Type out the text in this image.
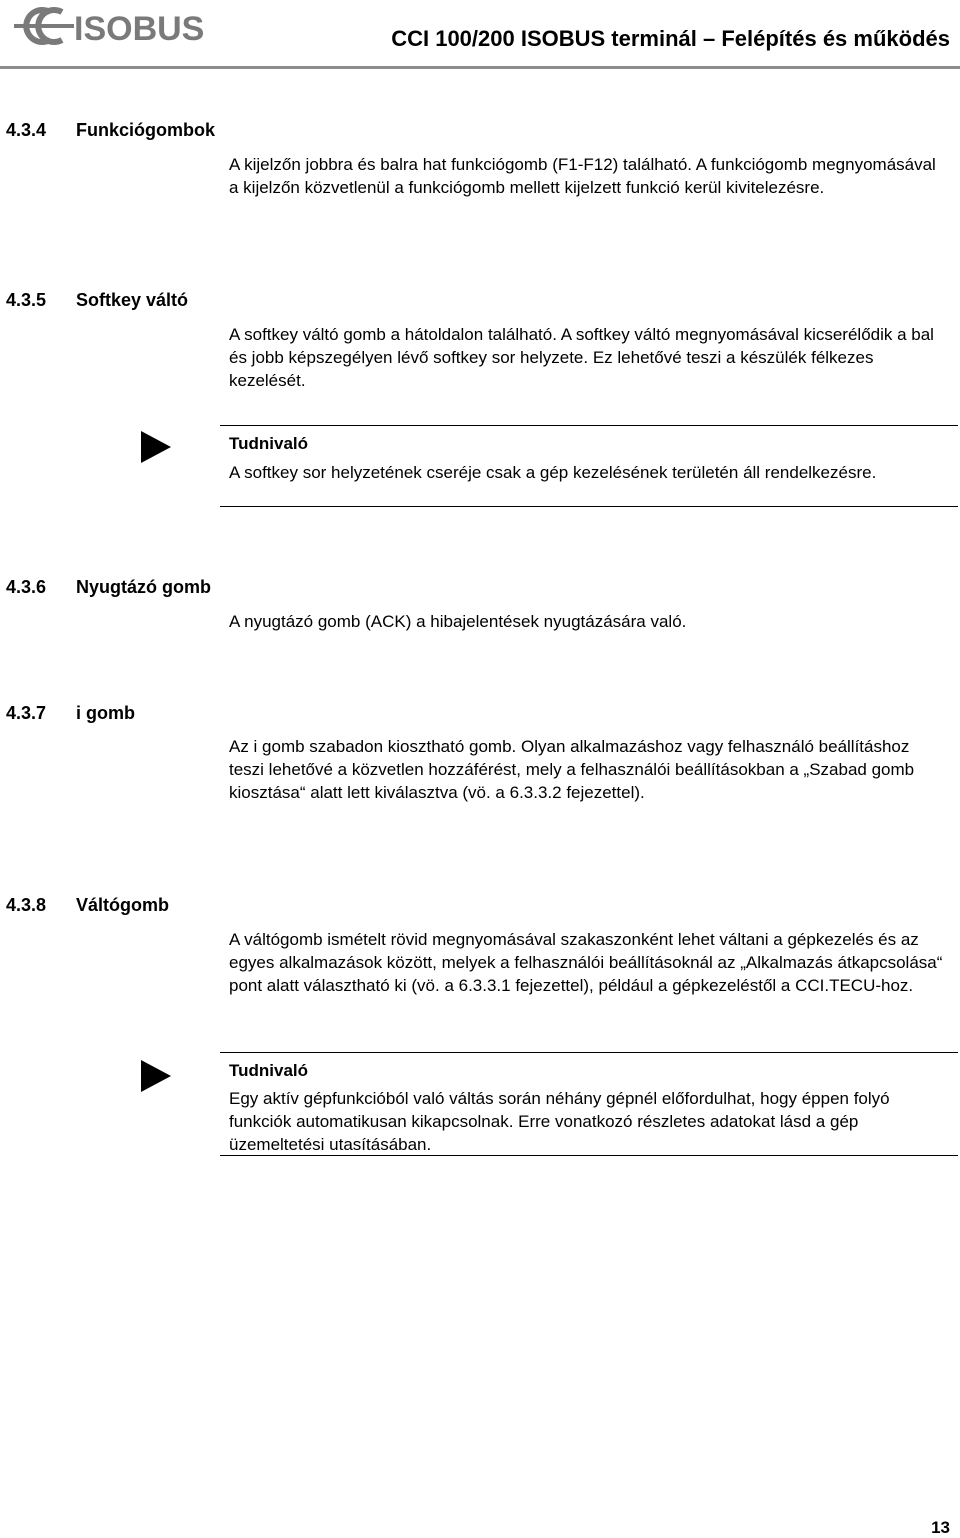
ISOBUS	CCI 100/200 ISOBUS terminál – Felépítés és működés
4.3.4 Funkciógombok

A kijelzőn jobbra és balra hat funkciógomb (F1-F12) található. A funkciógomb megnyomásával a kijelzőn közvetlenül a funkciógomb mellett kijelzett funkció kerül kivitelezésre.

4.3.5 Softkey váltó

A softkey váltó gomb a hátoldalon található. A softkey váltó megnyomásával kicserélődik a bal és jobb képszegélyen lévő softkey sor helyzete. Ez lehetővé teszi a készülék félkezes kezelését.

Tudnivaló

A softkey sor helyzetének cseréje csak a gép kezelésének területén áll rendelkezésre.

4.3.6 Nyugtázó gomb

A nyugtázó gomb (ACK) a hibajelentések nyugtázására való.

4.3.7 i gomb

Az i gomb szabadon kiosztható gomb. Olyan alkalmazáshoz vagy felhasználó beállításhoz teszi lehetővé a közvetlen hozzáférést, mely a felhasználói beállításokban a „Szabad gomb kiosztása“ alatt lett kiválasztva (vö. a 6.3.3.2 fejezettel).

4.3.8 Váltógomb

A váltógomb ismételt rövid megnyomásával szakaszonként lehet váltani a gépkezelés és az egyes alkalmazások között, melyek a felhasználói beállításoknál az „Alkalmazás átkapcsolása“ pont alatt választható ki (vö. a 6.3.3.1 fejezettel), például a gépkezeléstől a CCI.TECU-hoz.

Tudnivaló

Egy aktív gépfunkcióból való váltás során néhány gépnél előfordulhat, hogy éppen folyó funkciók automatikusan kikapcsolnak. Erre vonatkozó részletes adatokat lásd a gép üzemeltetési utasításában.

13
